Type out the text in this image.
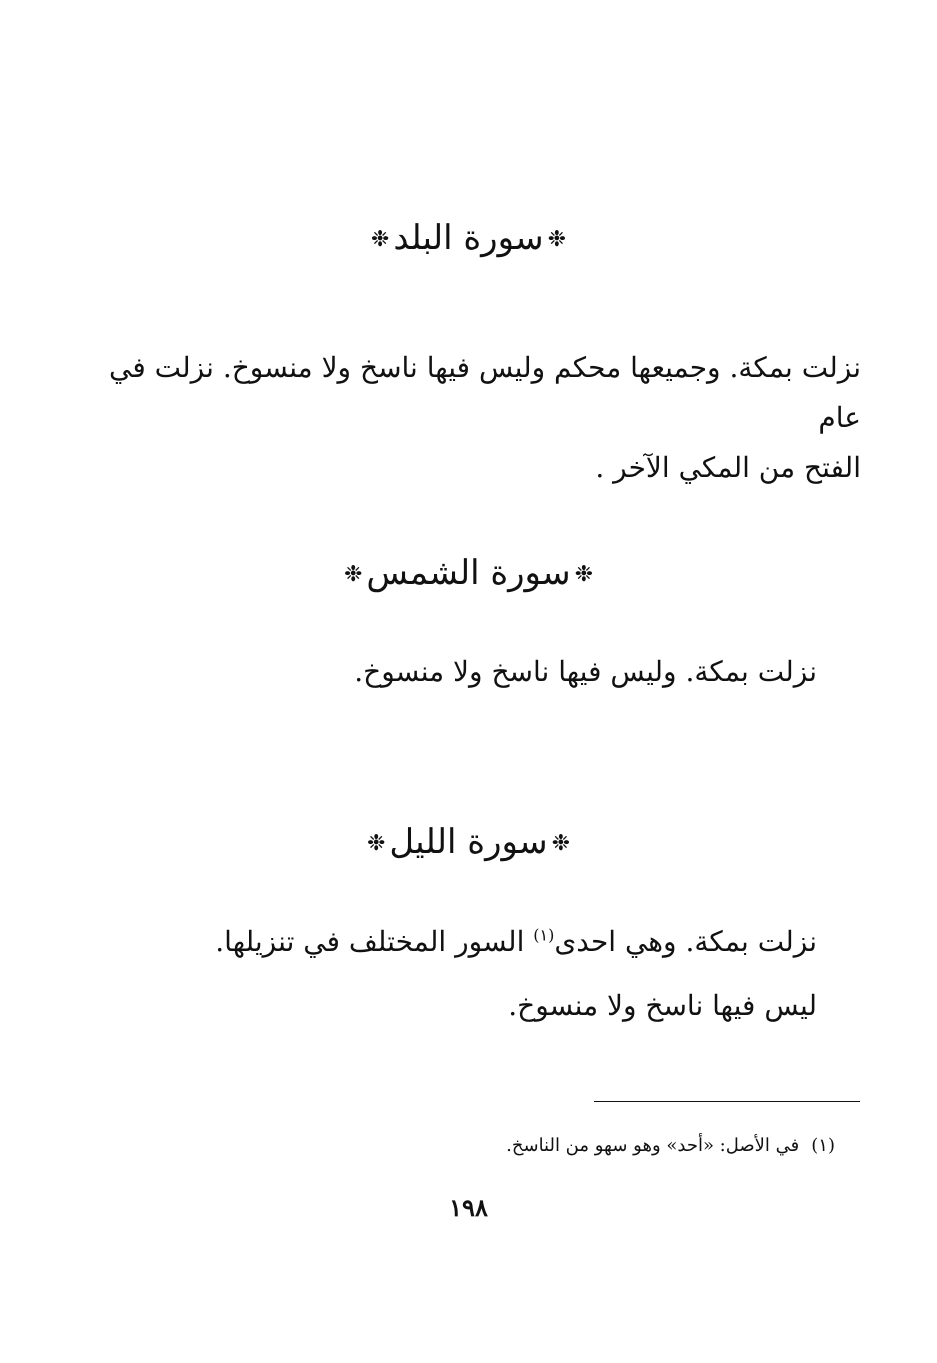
❉سورة البلد❉

نزلت بمكة. وجميعها محكم وليس فيها ناسخ ولا منسوخ. نزلت في عام

الفتح من المكي الآخر .

❉سورة الشمس❉

نزلت بمكة. وليس فيها ناسخ ولا منسوخ.

❉سورة الليل❉

نزلت بمكة. وهي احدى$^{(١)}$ السور المختلف في تنزيلها.

ليس فيها ناسخ ولا منسوخ.

(١)في الأصل: «أحد» وهو سهو من الناسخ.
١٩٨
